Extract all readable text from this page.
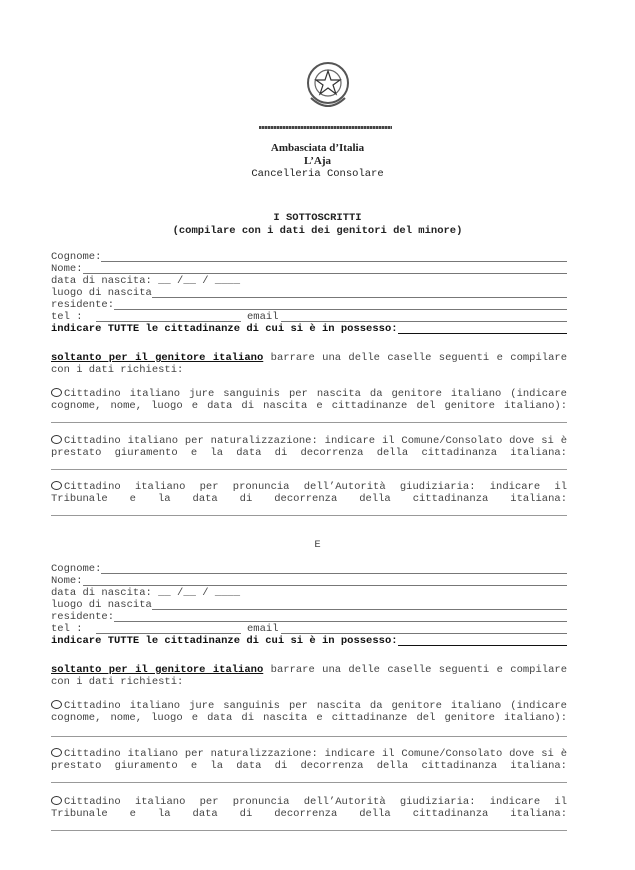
Ambasciata d’Italia
L’Aja
Cancelleria Consolare
I SOTTOSCRITTI
(compilare con i dati dei genitori del minore)
Cognome:
Nome:
data di nascita: __ /__ / ____
luogo di nascita
residente:
tel :	email
indicare TUTTE le cittadinanze di cui si è in possesso:
soltanto per il genitore italiano barrare una delle caselle seguenti e compilare con i dati richiesti:
Cittadino italiano jure sanguinis per nascita da genitore italiano (indicare cognome, nome, luogo e data di nascita e cittadinanze del genitore italiano):
Cittadino italiano per naturalizzazione: indicare il Comune/Consolato dove si è prestato giuramento e la data di decorrenza della cittadinanza italiana:
Cittadino italiano per pronuncia dell’Autorità giudiziaria: indicare il Tribunale e la data di decorrenza della cittadinanza italiana:
E
Cognome:
Nome:
data di nascita: __ /__ / ____
luogo di nascita
residente:
tel :	email
indicare TUTTE le cittadinanze di cui si è in possesso:
soltanto per il genitore italiano barrare una delle caselle seguenti e compilare con i dati richiesti:
Cittadino italiano jure sanguinis per nascita da genitore italiano (indicare cognome, nome, luogo e data di nascita e cittadinanze del genitore italiano):
Cittadino italiano per naturalizzazione: indicare il Comune/Consolato dove si è prestato giuramento e la data di decorrenza della cittadinanza italiana:
Cittadino italiano per pronuncia dell’Autorità giudiziaria: indicare il Tribunale e la data di decorrenza della cittadinanza italiana:
